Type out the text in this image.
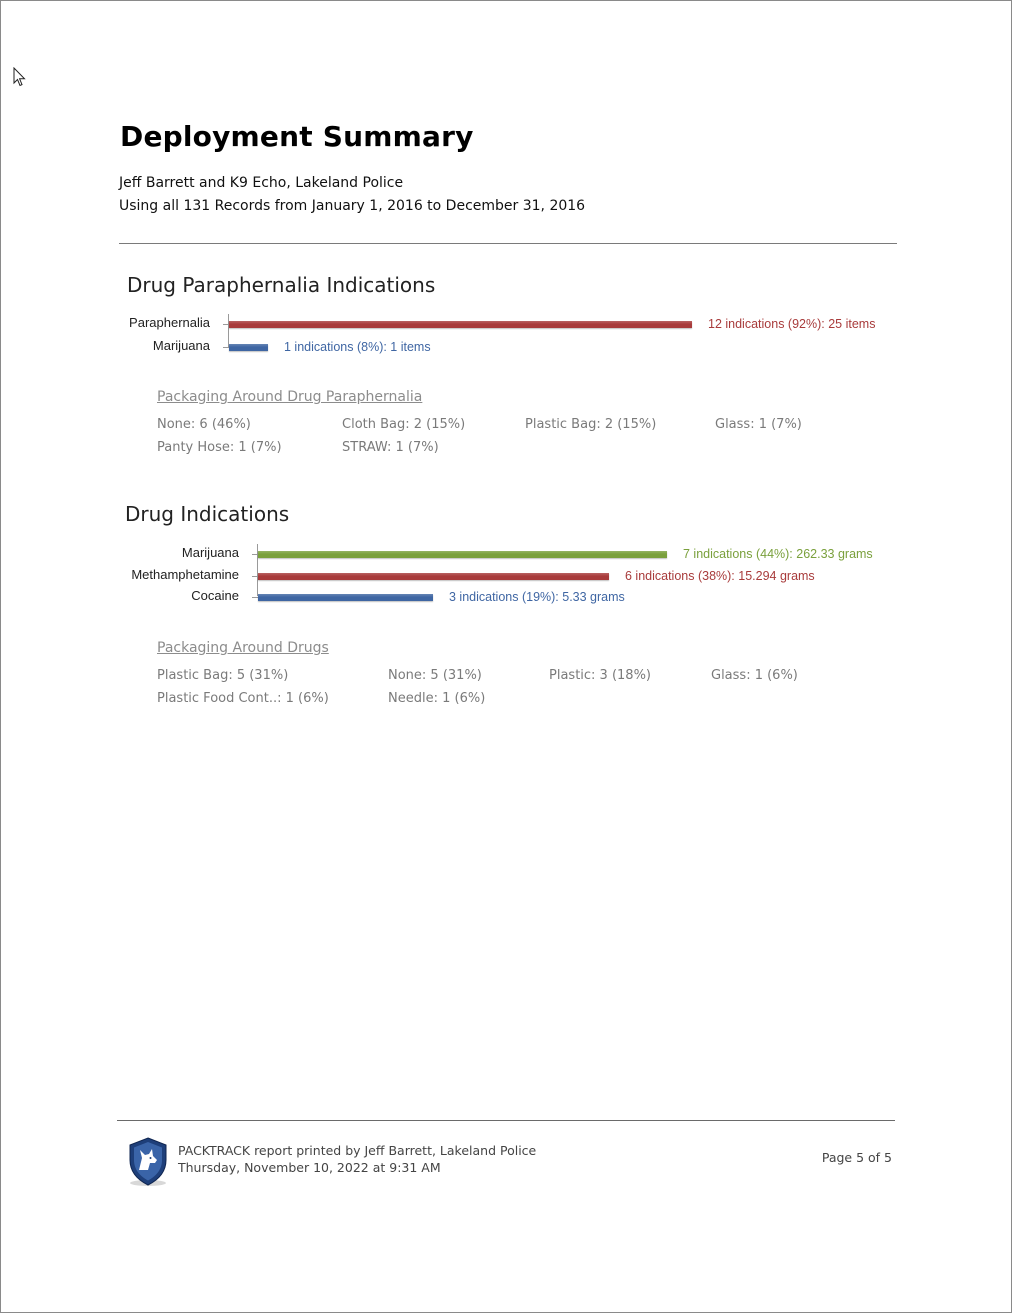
Deployment Summary
Jeff Barrett and K9 Echo, Lakeland Police
Using all 131 Records from January 1, 2016 to December 31, 2016
Drug Paraphernalia Indications
Packaging Around Drug Paraphernalia
None: 6 (46%)	Cloth Bag: 2 (15%)	Plastic Bag: 2 (15%)	Glass: 1 (7%)
Panty Hose: 1 (7%)	STRAW: 1 (7%)
Drug Indications
Packaging Around Drugs
Plastic Bag: 5 (31%)	None: 5 (31%)	Plastic: 3 (18%)	Glass: 1 (6%)
Plastic Food Cont..: 1 (6%)	Needle: 1 (6%)
PACKTRACK report printed by Jeff Barrett, Lakeland Police
Thursday, November 10, 2022 at 9:31 AM
Page 5 of 5
Paraphernalia	12 indications (92%): 25 items
Marijuana	1 indications (8%): 1 items
Marijuana	7 indications (44%): 262.33 grams
Methamphetamine	6 indications (38%): 15.294 grams
Cocaine	3 indications (19%): 5.33 grams
